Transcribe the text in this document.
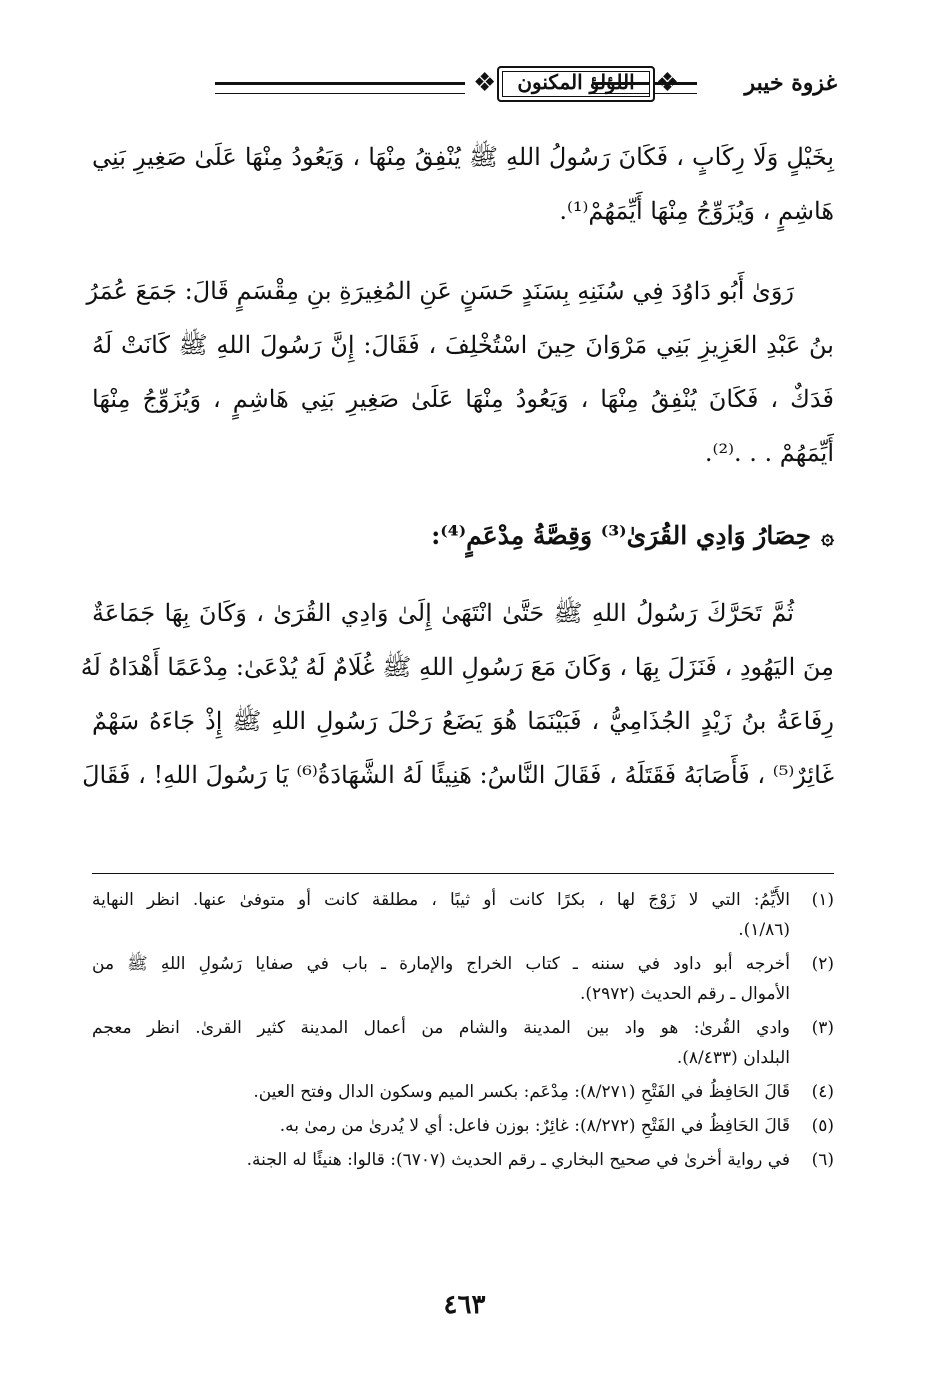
غزوة خيبر
❖
اللؤلؤ المكنون
❖
بِخَيْلٍ وَلَا رِكَابٍ ، فَكَانَ رَسُولُ اللهِ ﷺ يُنْفِقُ مِنْهَا ، وَيَعُودُ مِنْهَا عَلَىٰ صَغِيرِ بَنِي
هَاشِمٍ ، وَيُزَوِّجُ مِنْهَا أَيِّمَهُمْ⁽¹⁾.
رَوَىٰ أَبُو دَاوُدَ فِي سُنَنِهِ بِسَنَدٍ حَسَنٍ عَنِ المُغِيرَةِ بنِ مِقْسَمٍ قَالَ: جَمَعَ عُمَرُ
بنُ عَبْدِ العَزِيزِ بَنِي مَرْوَانَ حِينَ اسْتُخْلِفَ ، فَقَالَ: إِنَّ رَسُولَ اللهِ ﷺ كَانَتْ لَهُ
فَدَكٌ ، فَكَانَ يُنْفِقُ مِنْهَا ، وَيَعُودُ مِنْهَا عَلَىٰ صَغِيرِ بَنِي هَاشِمٍ ، وَيُزَوِّجُ مِنْهَا
أَيِّمَهُمْ . . .⁽²⁾.
۞حِصَارُ وَادِي القُرَىٰ⁽³⁾ وَقِصَّةُ مِدْعَمٍ⁽⁴⁾:
ثُمَّ تَحَرَّكَ رَسُولُ اللهِ ﷺ حَتَّىٰ انْتَهَىٰ إِلَىٰ وَادِي القُرَىٰ ، وَكَانَ بِهَا جَمَاعَةٌ
مِنَ اليَهُودِ ، فَنَزَلَ بِهَا ، وَكَانَ مَعَ رَسُولِ اللهِ ﷺ غُلَامٌ لَهُ يُدْعَىٰ: مِدْعَمًا أَهْدَاهُ لَهُ
رِفَاعَةُ بنُ زَيْدٍ الجُذَامِيُّ ، فَبَيْنَمَا هُوَ يَضَعُ رَحْلَ رَسُولِ اللهِ ﷺ إِذْ جَاءَهُ سَهْمٌ
غَائِرٌ⁽⁵⁾ ، فَأَصَابَهُ فَقَتَلَهُ ، فَقَالَ النَّاسُ: هَنِيئًا لَهُ الشَّهَادَةُ⁽⁶⁾ يَا رَسُولَ اللهِ! ، فَقَالَ
(١)
الأَيِّمُ: التي لا زَوْجَ لها ، بكرًا كانت أو ثيبًا ، مطلقة كانت أو متوفىٰ عنها. انظر النهاية
(١/٨٦).
(٢)
أخرجه أبو داود في سننه ـ كتاب الخراج والإمارة ـ باب في صفايا رَسُولِ اللهِ ﷺ من
الأموال ـ رقم الحديث (٢٩٧٢).
(٣)
وادي القُرىٰ: هو واد بين المدينة والشام من أعمال المدينة كثير القرىٰ. انظر معجم
البلدان (٨/٤٣٣).
(٤)
قَالَ الحَافِظُ في الفَتْحِ (٨/٢٧١): مِدْعَم: بكسر الميم وسكون الدال وفتح العين.
(٥)
قَالَ الحَافِظُ في الفَتْحِ (٨/٢٧٢): غائِرٌ: بوزن فاعل: أي لا يُدرىٰ من رمىٰ به.
(٦)
في رواية أخرىٰ في صحيح البخاري ـ رقم الحديث (٦٧٠٧): قالوا: هنيئًا له الجنة.
٤٦٣
